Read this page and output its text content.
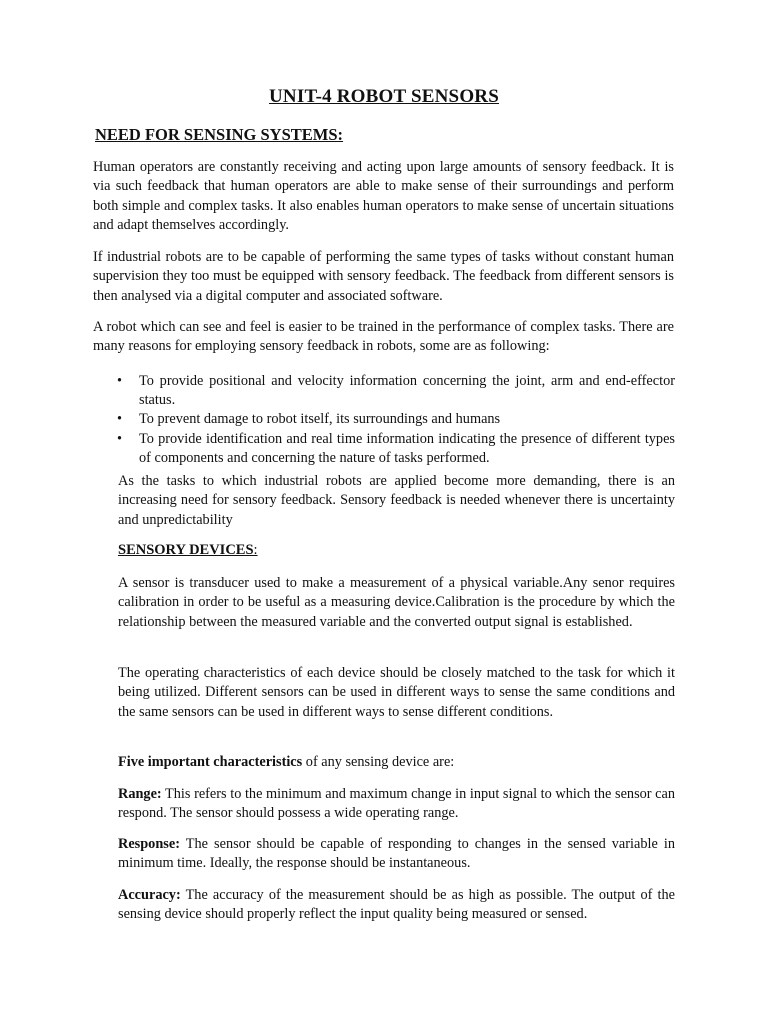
UNIT-4 ROBOT SENSORS
NEED FOR SENSING SYSTEMS:

Human operators are constantly receiving and acting upon large amounts of sensory feedback. It is via such feedback that human operators are able to make sense of their surroundings and perform both simple and complex tasks. It also enables human operators to make sense of uncertain situations and adapt themselves accordingly.

If industrial robots are to be capable of performing the same types of tasks without constant human supervision they too must be equipped with sensory feedback. The feedback from different sensors is then analysed via a digital computer and associated software.

A robot which can see and feel is easier to be trained in the performance of complex tasks. There are many reasons for employing sensory feedback in robots, some are as following:

• To provide positional and velocity information concerning the joint, arm and end-effector status.
• To prevent damage to robot itself, its surroundings and humans
• To provide identification and real time information indicating the presence of different types of components and concerning the nature of tasks performed.

As the tasks to which industrial robots are applied become more demanding, there is an increasing need for sensory feedback. Sensory feedback is needed whenever there is uncertainty and unpredictability

SENSORY DEVICES:

A sensor is transducer used to make a measurement of a physical variable.Any senor requires calibration in order to be useful as a measuring device.Calibration is the procedure by which the relationship between the measured variable and the converted output signal is established.

The operating characteristics of each device should be closely matched to the task for which it being utilized. Different sensors can be used in different ways to sense the same conditions and the same sensors can be used in different ways to sense different conditions.

Five important characteristics of any sensing device are:

Range: This refers to the minimum and maximum change in input signal to which the sensor can respond. The sensor should possess a wide operating range.

Response: The sensor should be capable of responding to changes in the sensed variable in minimum time. Ideally, the response should be instantaneous.

Accuracy: The accuracy of the measurement should be as high as possible. The output of the sensing device should properly reflect the input quality being measured or sensed.
